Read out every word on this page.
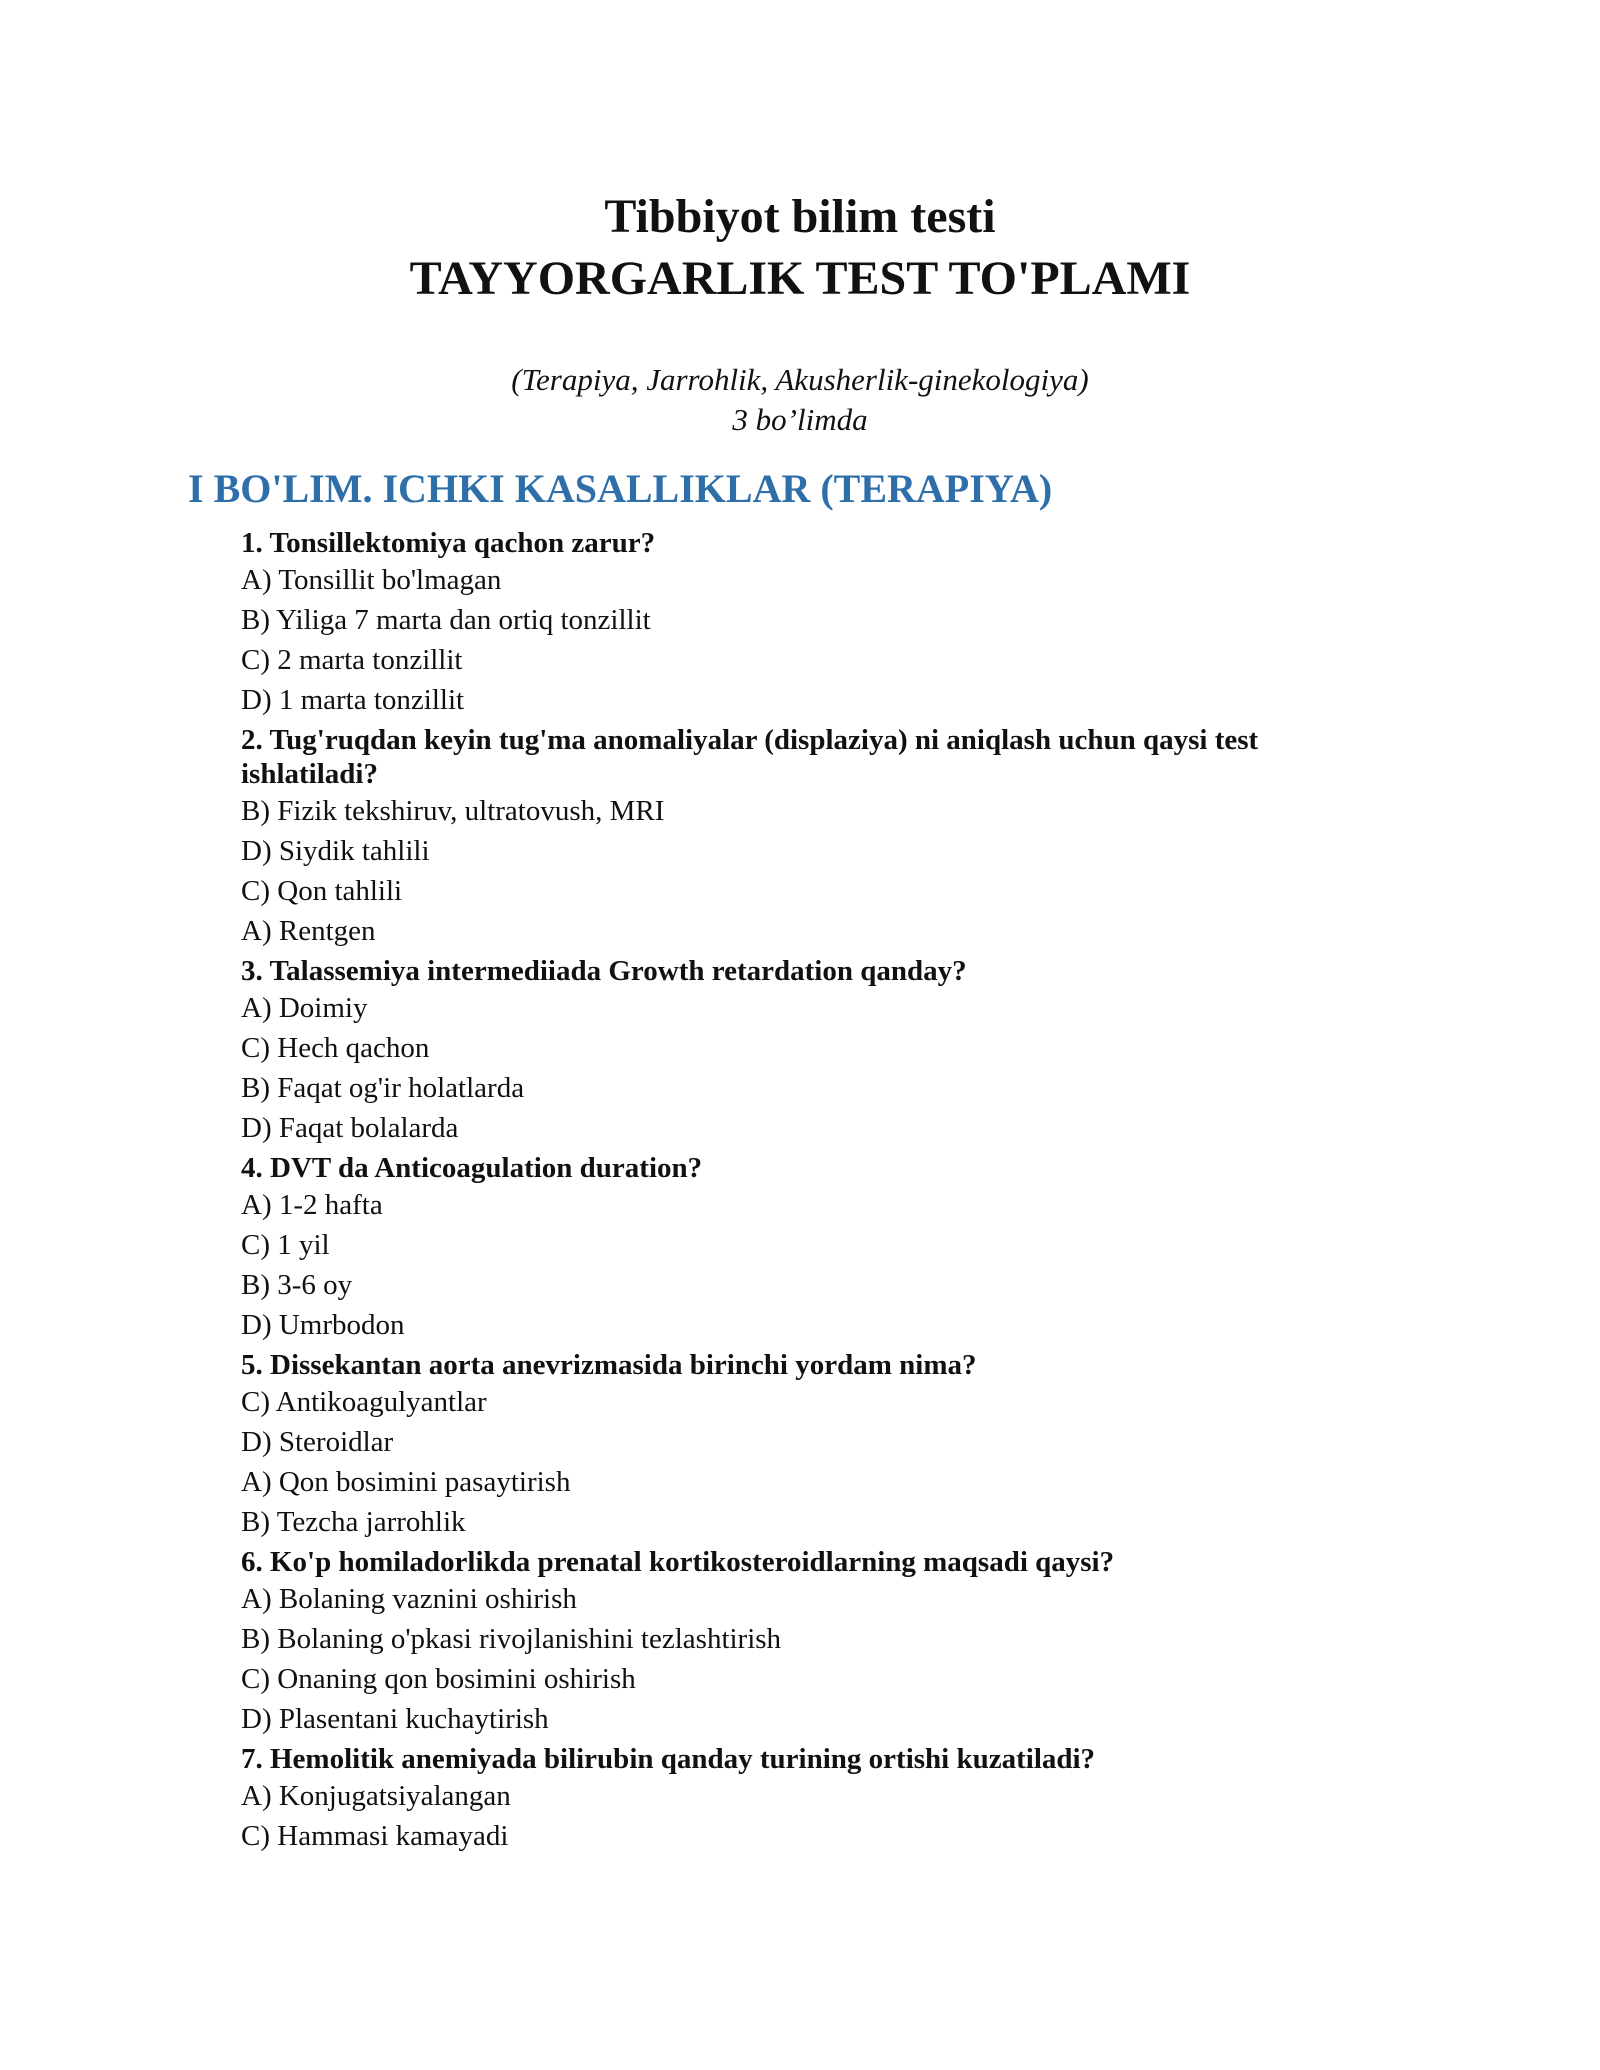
Tibbiyot bilim testi

TAYYORGARLIK TEST TO'PLAMI

(Terapiya, Jarrohlik, Akusherlik-ginekologiya)

3 bo’limda

I BO'LIM. ICHKI KASALLIKLAR (TERAPIYA)

1. Tonsillektomiya qachon zarur?

A) Tonsillit bo'lmagan

B) Yiliga 7 marta dan ortiq tonzillit

C) 2 marta tonzillit

D) 1 marta tonzillit

2. Tug'ruqdan keyin tug'ma anomaliyalar (displaziya) ni aniqlash uchun qaysi test ishlatiladi?

B) Fizik tekshiruv, ultratovush, MRI

D) Siydik tahlili

C) Qon tahlili

A) Rentgen

3. Talassemiya intermediiada Growth retardation qanday?

A) Doimiy

C) Hech qachon

B) Faqat og'ir holatlarda

D) Faqat bolalarda

4. DVT da Anticoagulation duration?

A) 1-2 hafta

C) 1 yil

B) 3-6 oy

D) Umrbodon

5. Dissekantan aorta anevrizmasida birinchi yordam nima?

C) Antikoagulyantlar

D) Steroidlar

A) Qon bosimini pasaytirish

B) Tezcha jarrohlik

6. Ko'p homiladorlikda prenatal kortikosteroidlarning maqsadi qaysi?

A) Bolaning vaznini oshirish

B) Bolaning o'pkasi rivojlanishini tezlashtirish

C) Onaning qon bosimini oshirish

D) Plasentani kuchaytirish

7. Hemolitik anemiyada bilirubin qanday turining ortishi kuzatiladi?

A) Konjugatsiyalangan

C) Hammasi kamayadi
